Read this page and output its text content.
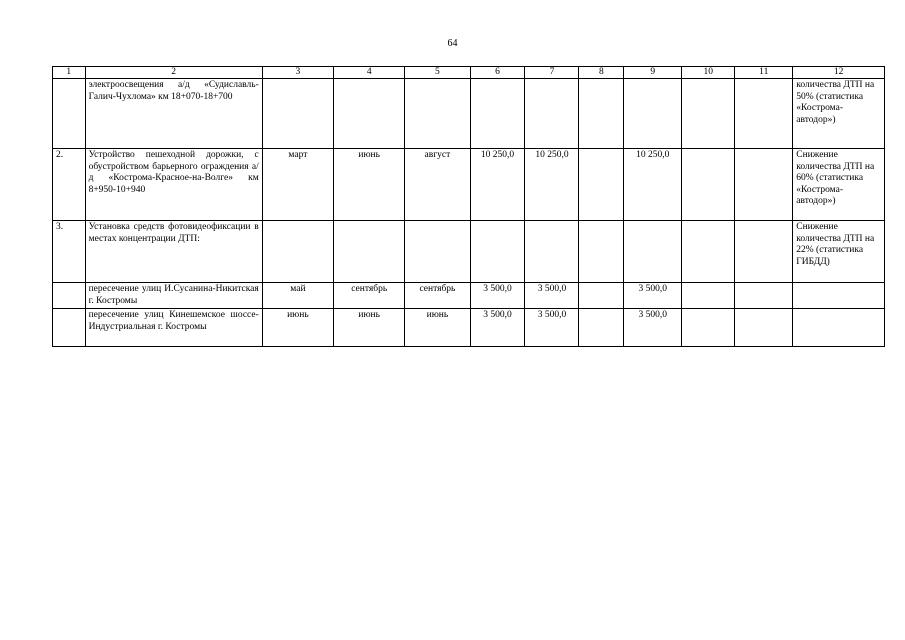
64
1	2	3	4	5	6	7	8	9	10	11	12
	электроосвещения а/д «Судиславль-Галич-Чухлома» км 18+070-18+700										количества ДТП на 50% (статистика «Кострома-автодор»)
2.	Устройство пешеходной дорожки, с обустройством барьерного ограждения а/д «Кострома-Красное-на-Волге» км 8+950-10+940	март	июнь	август	10 250,0	10 250,0		10 250,0			Снижение количества ДТП на 60% (статистика «Кострома-автодор»)
3.	Установка средств фотовидеофиксации в местах концентрации ДТП:										Снижение количества ДТП на 22% (статистика ГИБДД)
	пересечение улиц И.Сусанина-Никитская г. Костромы	май	сентябрь	сентябрь	3 500,0	3 500,0		3 500,0			
	пересечение улиц Кинешемское шоссе-Индустриальная г. Костромы	июнь	июнь	июнь	3 500,0	3 500,0		3 500,0			
